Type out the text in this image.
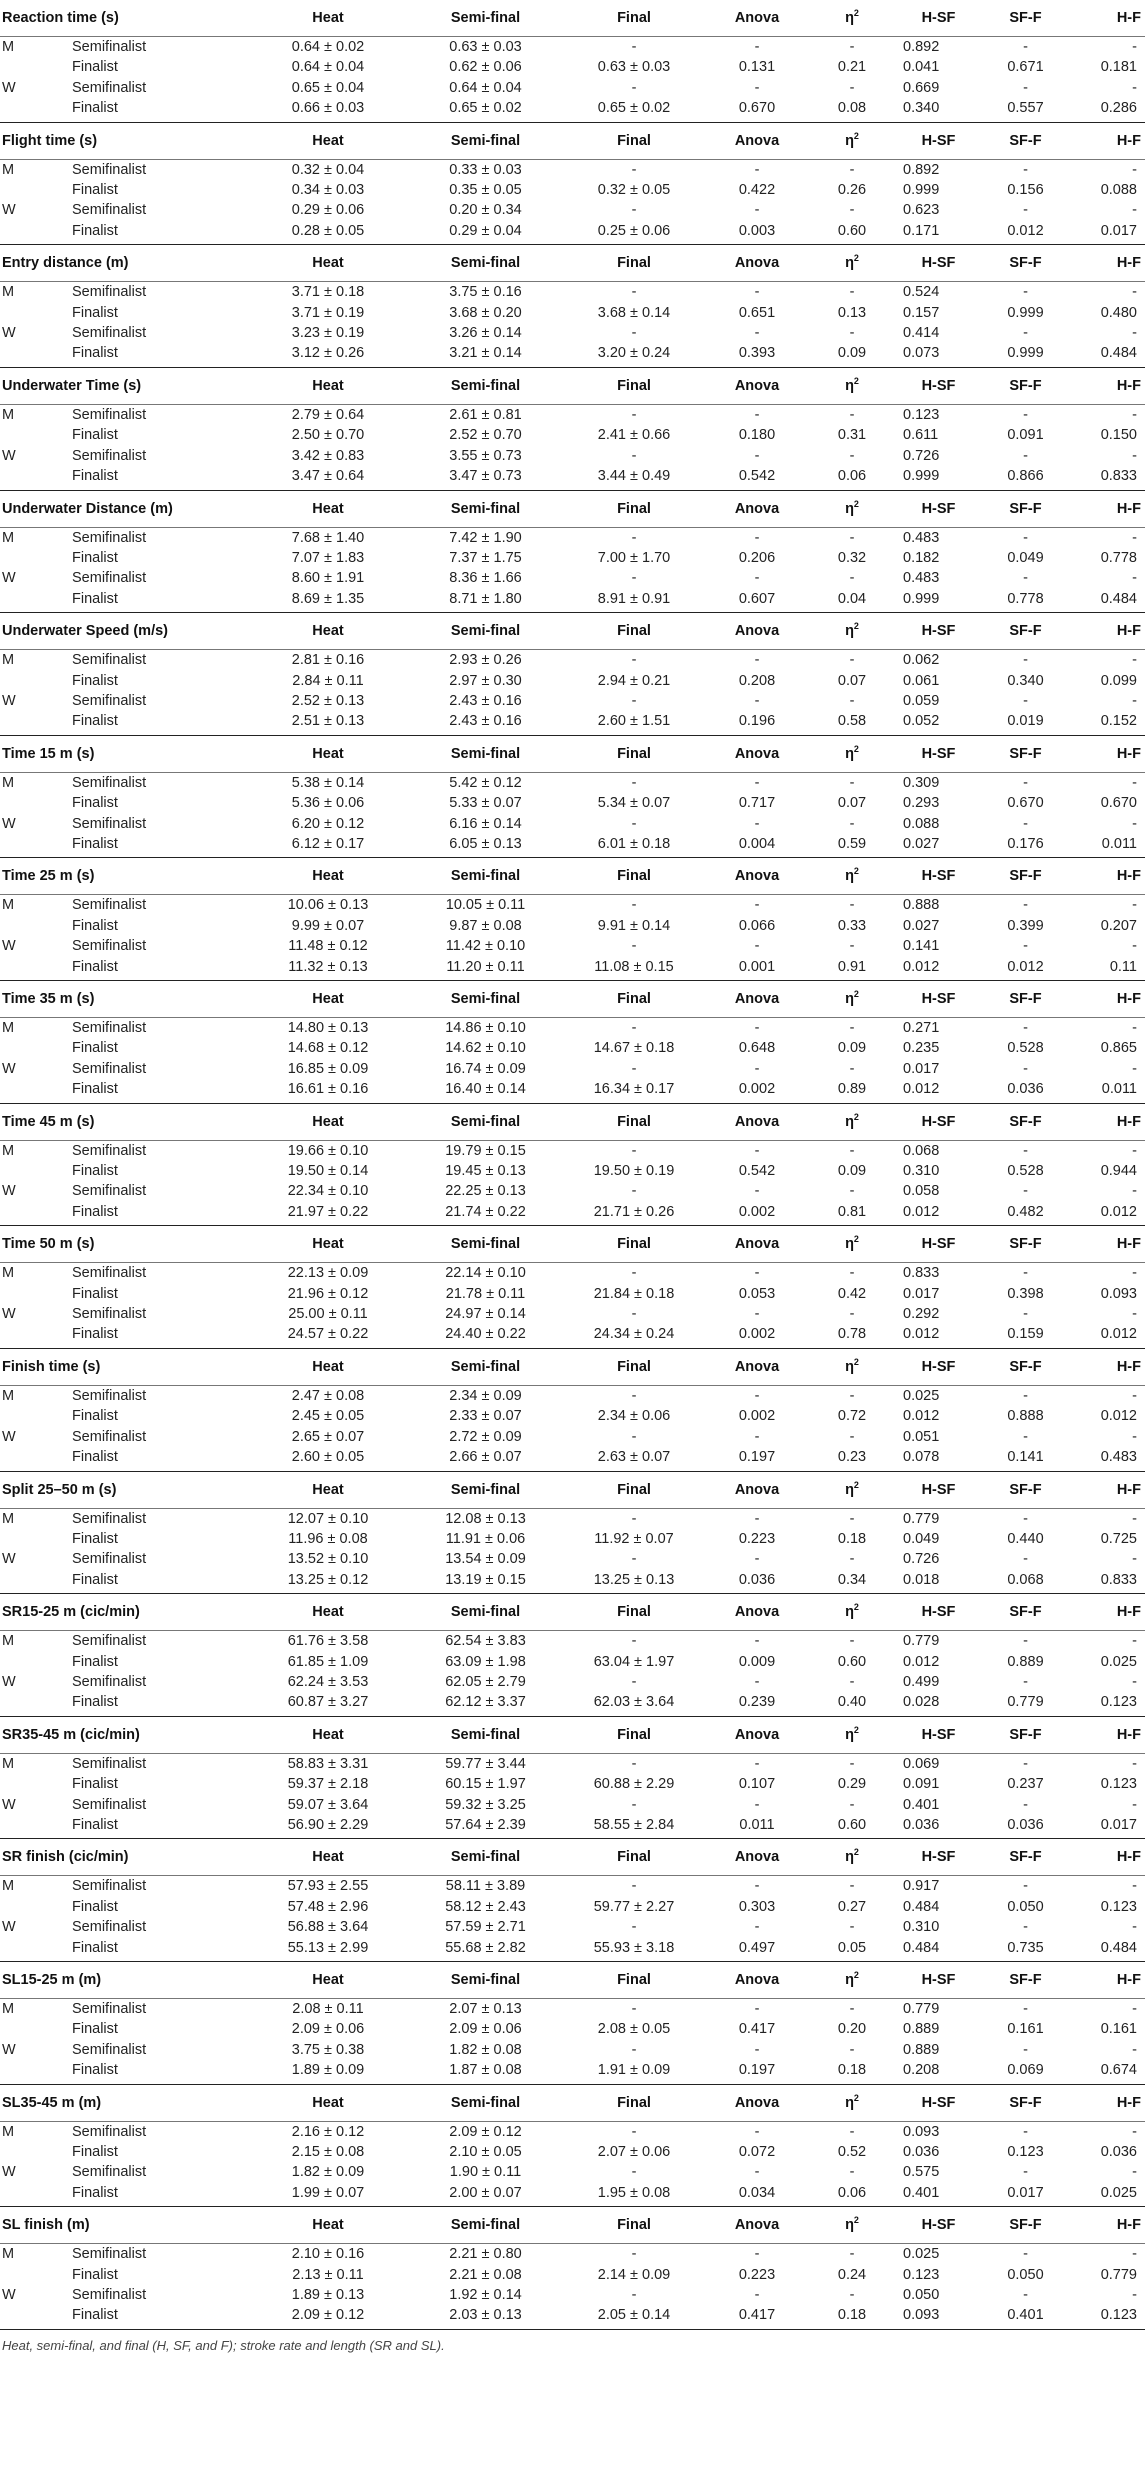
Reaction time (s)		Heat	Semi-final	Final	Anova	$\eta^2$	H-SF	SF-F	H-F
M	Semifinalist	0.64 ± 0.02	0.63 ± 0.03	-	-	-	0.892	-	-
	Finalist	0.64 ± 0.04	0.62 ± 0.06	0.63 ± 0.03	0.131	0.21	0.041	0.671	0.181
W	Semifinalist	0.65 ± 0.04	0.64 ± 0.04	-	-	-	0.669	-	-
	Finalist	0.66 ± 0.03	0.65 ± 0.02	0.65 ± 0.02	0.670	0.08	0.340	0.557	0.286
Flight time (s)		Heat	Semi-final	Final	Anova	$\eta^2$	H-SF	SF-F	H-F
M	Semifinalist	0.32 ± 0.04	0.33 ± 0.03	-	-	-	0.892	-	-
	Finalist	0.34 ± 0.03	0.35 ± 0.05	0.32 ± 0.05	0.422	0.26	0.999	0.156	0.088
W	Semifinalist	0.29 ± 0.06	0.20 ± 0.34	-	-	-	0.623	-	-
	Finalist	0.28 ± 0.05	0.29 ± 0.04	0.25 ± 0.06	0.003	0.60	0.171	0.012	0.017
Entry distance (m)		Heat	Semi-final	Final	Anova	$\eta^2$	H-SF	SF-F	H-F
M	Semifinalist	3.71 ± 0.18	3.75 ± 0.16	-	-	-	0.524	-	-
	Finalist	3.71 ± 0.19	3.68 ± 0.20	3.68 ± 0.14	0.651	0.13	0.157	0.999	0.480
W	Semifinalist	3.23 ± 0.19	3.26 ± 0.14	-	-	-	0.414	-	-
	Finalist	3.12 ± 0.26	3.21 ± 0.14	3.20 ± 0.24	0.393	0.09	0.073	0.999	0.484
Underwater Time (s)		Heat	Semi-final	Final	Anova	$\eta^2$	H-SF	SF-F	H-F
M	Semifinalist	2.79 ± 0.64	2.61 ± 0.81	-	-	-	0.123	-	-
	Finalist	2.50 ± 0.70	2.52 ± 0.70	2.41 ± 0.66	0.180	0.31	0.611	0.091	0.150
W	Semifinalist	3.42 ± 0.83	3.55 ± 0.73	-	-	-	0.726	-	-
	Finalist	3.47 ± 0.64	3.47 ± 0.73	3.44 ± 0.49	0.542	0.06	0.999	0.866	0.833
Underwater Distance (m)		Heat	Semi-final	Final	Anova	$\eta^2$	H-SF	SF-F	H-F
M	Semifinalist	7.68 ± 1.40	7.42 ± 1.90	-	-	-	0.483	-	-
	Finalist	7.07 ± 1.83	7.37 ± 1.75	7.00 ± 1.70	0.206	0.32	0.182	0.049	0.778
W	Semifinalist	8.60 ± 1.91	8.36 ± 1.66	-	-	-	0.483	-	-
	Finalist	8.69 ± 1.35	8.71 ± 1.80	8.91 ± 0.91	0.607	0.04	0.999	0.778	0.484
Underwater Speed (m/s)		Heat	Semi-final	Final	Anova	$\eta^2$	H-SF	SF-F	H-F
M	Semifinalist	2.81 ± 0.16	2.93 ± 0.26	-	-	-	0.062	-	-
	Finalist	2.84 ± 0.11	2.97 ± 0.30	2.94 ± 0.21	0.208	0.07	0.061	0.340	0.099
W	Semifinalist	2.52 ± 0.13	2.43 ± 0.16	-	-	-	0.059	-	-
	Finalist	2.51 ± 0.13	2.43 ± 0.16	2.60 ± 1.51	0.196	0.58	0.052	0.019	0.152
Time 15 m (s)		Heat	Semi-final	Final	Anova	$\eta^2$	H-SF	SF-F	H-F
M	Semifinalist	5.38 ± 0.14	5.42 ± 0.12	-	-	-	0.309	-	-
	Finalist	5.36 ± 0.06	5.33 ± 0.07	5.34 ± 0.07	0.717	0.07	0.293	0.670	0.670
W	Semifinalist	6.20 ± 0.12	6.16 ± 0.14	-	-	-	0.088	-	-
	Finalist	6.12 ± 0.17	6.05 ± 0.13	6.01 ± 0.18	0.004	0.59	0.027	0.176	0.011
Time 25 m (s)		Heat	Semi-final	Final	Anova	$\eta^2$	H-SF	SF-F	H-F
M	Semifinalist	10.06 ± 0.13	10.05 ± 0.11	-	-	-	0.888	-	-
	Finalist	9.99 ± 0.07	9.87 ± 0.08	9.91 ± 0.14	0.066	0.33	0.027	0.399	0.207
W	Semifinalist	11.48 ± 0.12	11.42 ± 0.10	-	-	-	0.141	-	-
	Finalist	11.32 ± 0.13	11.20 ± 0.11	11.08 ± 0.15	0.001	0.91	0.012	0.012	0.11
Time 35 m (s)		Heat	Semi-final	Final	Anova	$\eta^2$	H-SF	SF-F	H-F
M	Semifinalist	14.80 ± 0.13	14.86 ± 0.10	-	-	-	0.271	-	-
	Finalist	14.68 ± 0.12	14.62 ± 0.10	14.67 ± 0.18	0.648	0.09	0.235	0.528	0.865
W	Semifinalist	16.85 ± 0.09	16.74 ± 0.09	-	-	-	0.017	-	-
	Finalist	16.61 ± 0.16	16.40 ± 0.14	16.34 ± 0.17	0.002	0.89	0.012	0.036	0.011
Time 45 m (s)		Heat	Semi-final	Final	Anova	$\eta^2$	H-SF	SF-F	H-F
M	Semifinalist	19.66 ± 0.10	19.79 ± 0.15	-	-	-	0.068	-	-
	Finalist	19.50 ± 0.14	19.45 ± 0.13	19.50 ± 0.19	0.542	0.09	0.310	0.528	0.944
W	Semifinalist	22.34 ± 0.10	22.25 ± 0.13	-	-	-	0.058	-	-
	Finalist	21.97 ± 0.22	21.74 ± 0.22	21.71 ± 0.26	0.002	0.81	0.012	0.482	0.012
Time 50 m (s)		Heat	Semi-final	Final	Anova	$\eta^2$	H-SF	SF-F	H-F
M	Semifinalist	22.13 ± 0.09	22.14 ± 0.10	-	-	-	0.833	-	-
	Finalist	21.96 ± 0.12	21.78 ± 0.11	21.84 ± 0.18	0.053	0.42	0.017	0.398	0.093
W	Semifinalist	25.00 ± 0.11	24.97 ± 0.14	-	-	-	0.292	-	-
	Finalist	24.57 ± 0.22	24.40 ± 0.22	24.34 ± 0.24	0.002	0.78	0.012	0.159	0.012
Finish time (s)		Heat	Semi-final	Final	Anova	$\eta^2$	H-SF	SF-F	H-F
M	Semifinalist	2.47 ± 0.08	2.34 ± 0.09	-	-	-	0.025	-	-
	Finalist	2.45 ± 0.05	2.33 ± 0.07	2.34 ± 0.06	0.002	0.72	0.012	0.888	0.012
W	Semifinalist	2.65 ± 0.07	2.72 ± 0.09	-	-	-	0.051	-	-
	Finalist	2.60 ± 0.05	2.66 ± 0.07	2.63 ± 0.07	0.197	0.23	0.078	0.141	0.483
Split 25–50 m (s)		Heat	Semi-final	Final	Anova	$\eta^2$	H-SF	SF-F	H-F
M	Semifinalist	12.07 ± 0.10	12.08 ± 0.13	-	-	-	0.779	-	-
	Finalist	11.96 ± 0.08	11.91 ± 0.06	11.92 ± 0.07	0.223	0.18	0.049	0.440	0.725
W	Semifinalist	13.52 ± 0.10	13.54 ± 0.09	-	-	-	0.726	-	-
	Finalist	13.25 ± 0.12	13.19 ± 0.15	13.25 ± 0.13	0.036	0.34	0.018	0.068	0.833
SR15-25 m (cic/min)		Heat	Semi-final	Final	Anova	$\eta^2$	H-SF	SF-F	H-F
M	Semifinalist	61.76 ± 3.58	62.54 ± 3.83	-	-	-	0.779	-	-
	Finalist	61.85 ± 1.09	63.09 ± 1.98	63.04 ± 1.97	0.009	0.60	0.012	0.889	0.025
W	Semifinalist	62.24 ± 3.53	62.05 ± 2.79	-	-	-	0.499	-	-
	Finalist	60.87 ± 3.27	62.12 ± 3.37	62.03 ± 3.64	0.239	0.40	0.028	0.779	0.123
SR35-45 m (cic/min)		Heat	Semi-final	Final	Anova	$\eta^2$	H-SF	SF-F	H-F
M	Semifinalist	58.83 ± 3.31	59.77 ± 3.44	-	-	-	0.069	-	-
	Finalist	59.37 ± 2.18	60.15 ± 1.97	60.88 ± 2.29	0.107	0.29	0.091	0.237	0.123
W	Semifinalist	59.07 ± 3.64	59.32 ± 3.25	-	-	-	0.401	-	-
	Finalist	56.90 ± 2.29	57.64 ± 2.39	58.55 ± 2.84	0.011	0.60	0.036	0.036	0.017
SR finish (cic/min)		Heat	Semi-final	Final	Anova	$\eta^2$	H-SF	SF-F	H-F
M	Semifinalist	57.93 ± 2.55	58.11 ± 3.89	-	-	-	0.917	-	-
	Finalist	57.48 ± 2.96	58.12 ± 2.43	59.77 ± 2.27	0.303	0.27	0.484	0.050	0.123
W	Semifinalist	56.88 ± 3.64	57.59 ± 2.71	-	-	-	0.310	-	-
	Finalist	55.13 ± 2.99	55.68 ± 2.82	55.93 ± 3.18	0.497	0.05	0.484	0.735	0.484
SL15-25 m (m)		Heat	Semi-final	Final	Anova	$\eta^2$	H-SF	SF-F	H-F
M	Semifinalist	2.08 ± 0.11	2.07 ± 0.13	-	-	-	0.779	-	-
	Finalist	2.09 ± 0.06	2.09 ± 0.06	2.08 ± 0.05	0.417	0.20	0.889	0.161	0.161
W	Semifinalist	3.75 ± 0.38	1.82 ± 0.08	-	-	-	0.889	-	-
	Finalist	1.89 ± 0.09	1.87 ± 0.08	1.91 ± 0.09	0.197	0.18	0.208	0.069	0.674
SL35-45 m (m)		Heat	Semi-final	Final	Anova	$\eta^2$	H-SF	SF-F	H-F
M	Semifinalist	2.16 ± 0.12	2.09 ± 0.12	-	-	-	0.093	-	-
	Finalist	2.15 ± 0.08	2.10 ± 0.05	2.07 ± 0.06	0.072	0.52	0.036	0.123	0.036
W	Semifinalist	1.82 ± 0.09	1.90 ± 0.11	-	-	-	0.575	-	-
	Finalist	1.99 ± 0.07	2.00 ± 0.07	1.95 ± 0.08	0.034	0.06	0.401	0.017	0.025
SL finish (m)		Heat	Semi-final	Final	Anova	$\eta^2$	H-SF	SF-F	H-F
M	Semifinalist	2.10 ± 0.16	2.21 ± 0.80	-	-	-	0.025	-	-
	Finalist	2.13 ± 0.11	2.21 ± 0.08	2.14 ± 0.09	0.223	0.24	0.123	0.050	0.779
W	Semifinalist	1.89 ± 0.13	1.92 ± 0.14	-	-	-	0.050	-	-
	Finalist	2.09 ± 0.12	2.03 ± 0.13	2.05 ± 0.14	0.417	0.18	0.093	0.401	0.123
Heat, semi-final, and final (H, SF, and F); stroke rate and length (SR and SL).
